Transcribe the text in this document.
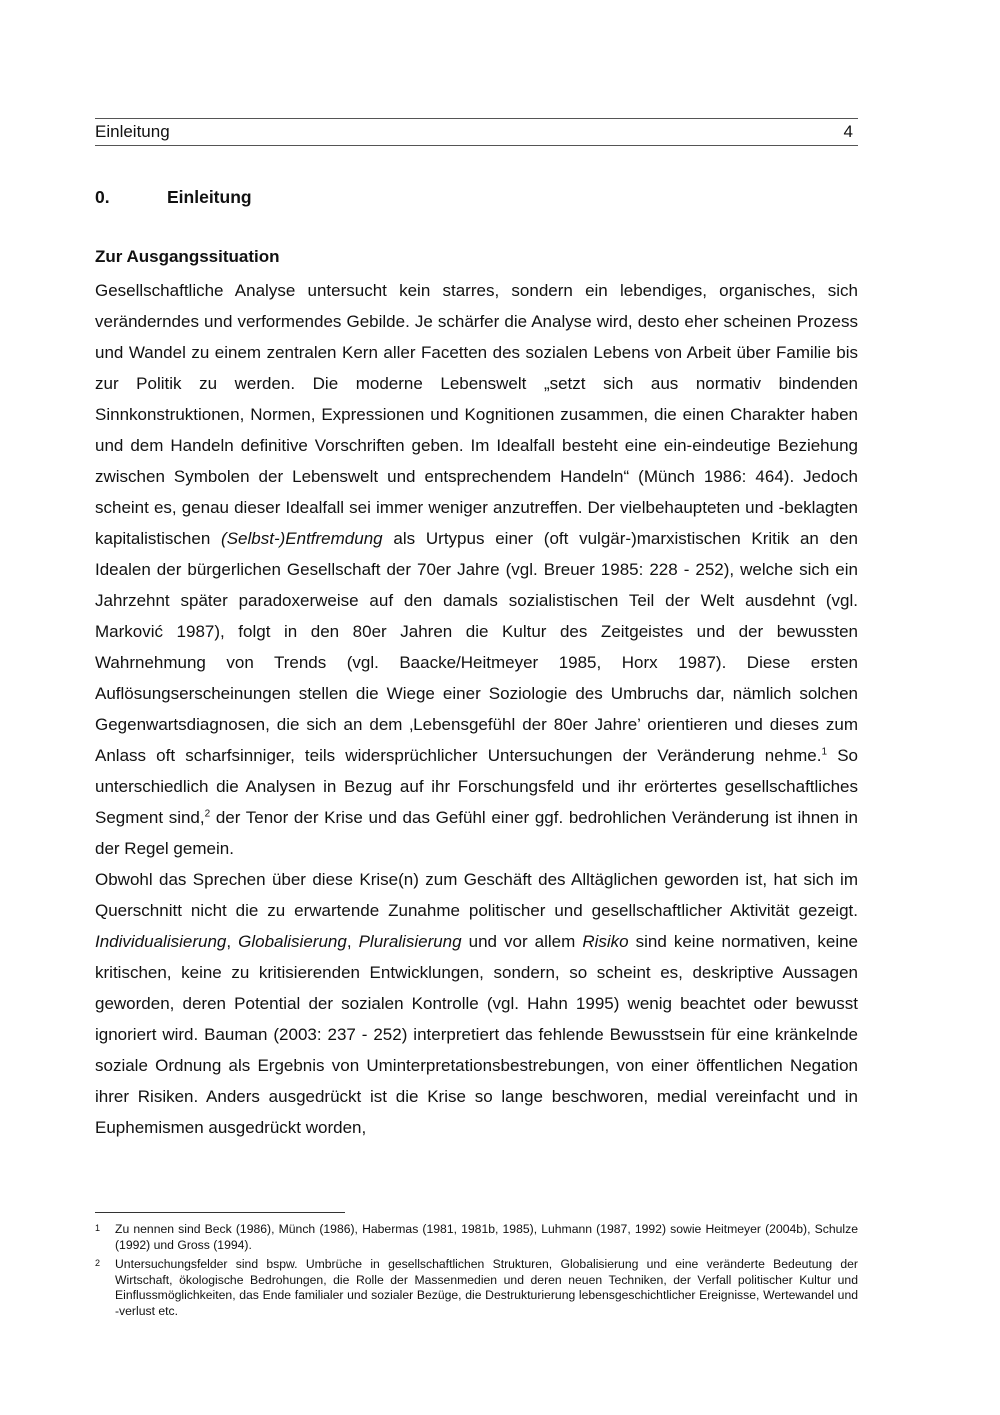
Einleitung	4
0.	Einleitung
Zur Ausgangssituation

Gesellschaftliche Analyse untersucht kein starres, sondern ein lebendiges, organisches, sich veränderndes und verformendes Gebilde. Je schärfer die Analyse wird, desto eher scheinen Prozess und Wandel zu einem zentralen Kern aller Facetten des sozialen Lebens von Arbeit über Familie bis zur Politik zu werden. Die moderne Lebenswelt „setzt sich aus normativ bindenden Sinnkonstruktionen, Normen, Expressionen und Kognitionen zusammen, die einen Charakter haben und dem Handeln definitive Vorschriften geben. Im Idealfall besteht eine ein-eindeutige Beziehung zwischen Symbolen der Lebenswelt und entsprechendem Handeln“ (Münch 1986: 464). Jedoch scheint es, genau dieser Idealfall sei immer weniger anzutreffen. Der vielbehaupteten und -beklagten kapitalistischen (Selbst-)Entfremdung als Urtypus einer (oft vulgär-)marxistischen Kritik an den Idealen der bürgerlichen Gesellschaft der 70er Jahre (vgl. Breuer 1985: 228 - 252), welche sich ein Jahrzehnt später paradoxerweise auf den damals sozialistischen Teil der Welt ausdehnt (vgl. Marković 1987), folgt in den 80er Jahren die Kultur des Zeitgeistes und der bewussten Wahrnehmung von Trends (vgl. Baacke/Heitmeyer 1985, Horx 1987). Diese ersten Auflösungserscheinungen stellen die Wiege einer Soziologie des Umbruchs dar, nämlich solchen Gegenwartsdiagnosen, die sich an dem ‚Lebensgefühl der 80er Jahre’ orientieren und dieses zum Anlass oft scharfsinniger, teils widersprüchlicher Untersuchungen der Veränderung nehme.$^1$ So unterschiedlich die Analysen in Bezug auf ihr Forschungsfeld und ihr erörtertes gesellschaftliches Segment sind,$^2$ der Tenor der Krise und das Gefühl einer ggf. bedrohlichen Veränderung ist ihnen in der Regel gemein.

Obwohl das Sprechen über diese Krise(n) zum Geschäft des Alltäglichen geworden ist, hat sich im Querschnitt nicht die zu erwartende Zunahme politischer und gesellschaftlicher Aktivität gezeigt. Individualisierung, Globalisierung, Pluralisierung und vor allem Risiko sind keine normativen, keine kritischen, keine zu kritisierenden Entwicklungen, sondern, so scheint es, deskriptive Aussagen geworden, deren Potential der sozialen Kontrolle (vgl. Hahn 1995) wenig beachtet oder bewusst ignoriert wird. Bauman (2003: 237 - 252) interpretiert das fehlende Bewusstsein für eine kränkelnde soziale Ordnung als Ergebnis von Uminterpretationsbestrebungen, von einer öffentlichen Negation ihrer Risiken. Anders ausgedrückt ist die Krise so lange beschworen, medial vereinfacht und in Euphemismen ausgedrückt worden,

1	Zu nennen sind Beck (1986), Münch (1986), Habermas (1981, 1981b, 1985), Luhmann (1987, 1992) sowie Heitmeyer (2004b), Schulze (1992) und Gross (1994).
2	Untersuchungsfelder sind bspw. Umbrüche in gesellschaftlichen Strukturen, Globalisierung und eine veränderte Bedeutung der Wirtschaft, ökologische Bedrohungen, die Rolle der Massenmedien und deren neuen Techniken, der Verfall politischer Kultur und Einflussmöglichkeiten, das Ende familialer und sozialer Bezüge, die Destrukturierung lebensgeschichtlicher Ereignisse, Wertewandel und -verlust etc.
